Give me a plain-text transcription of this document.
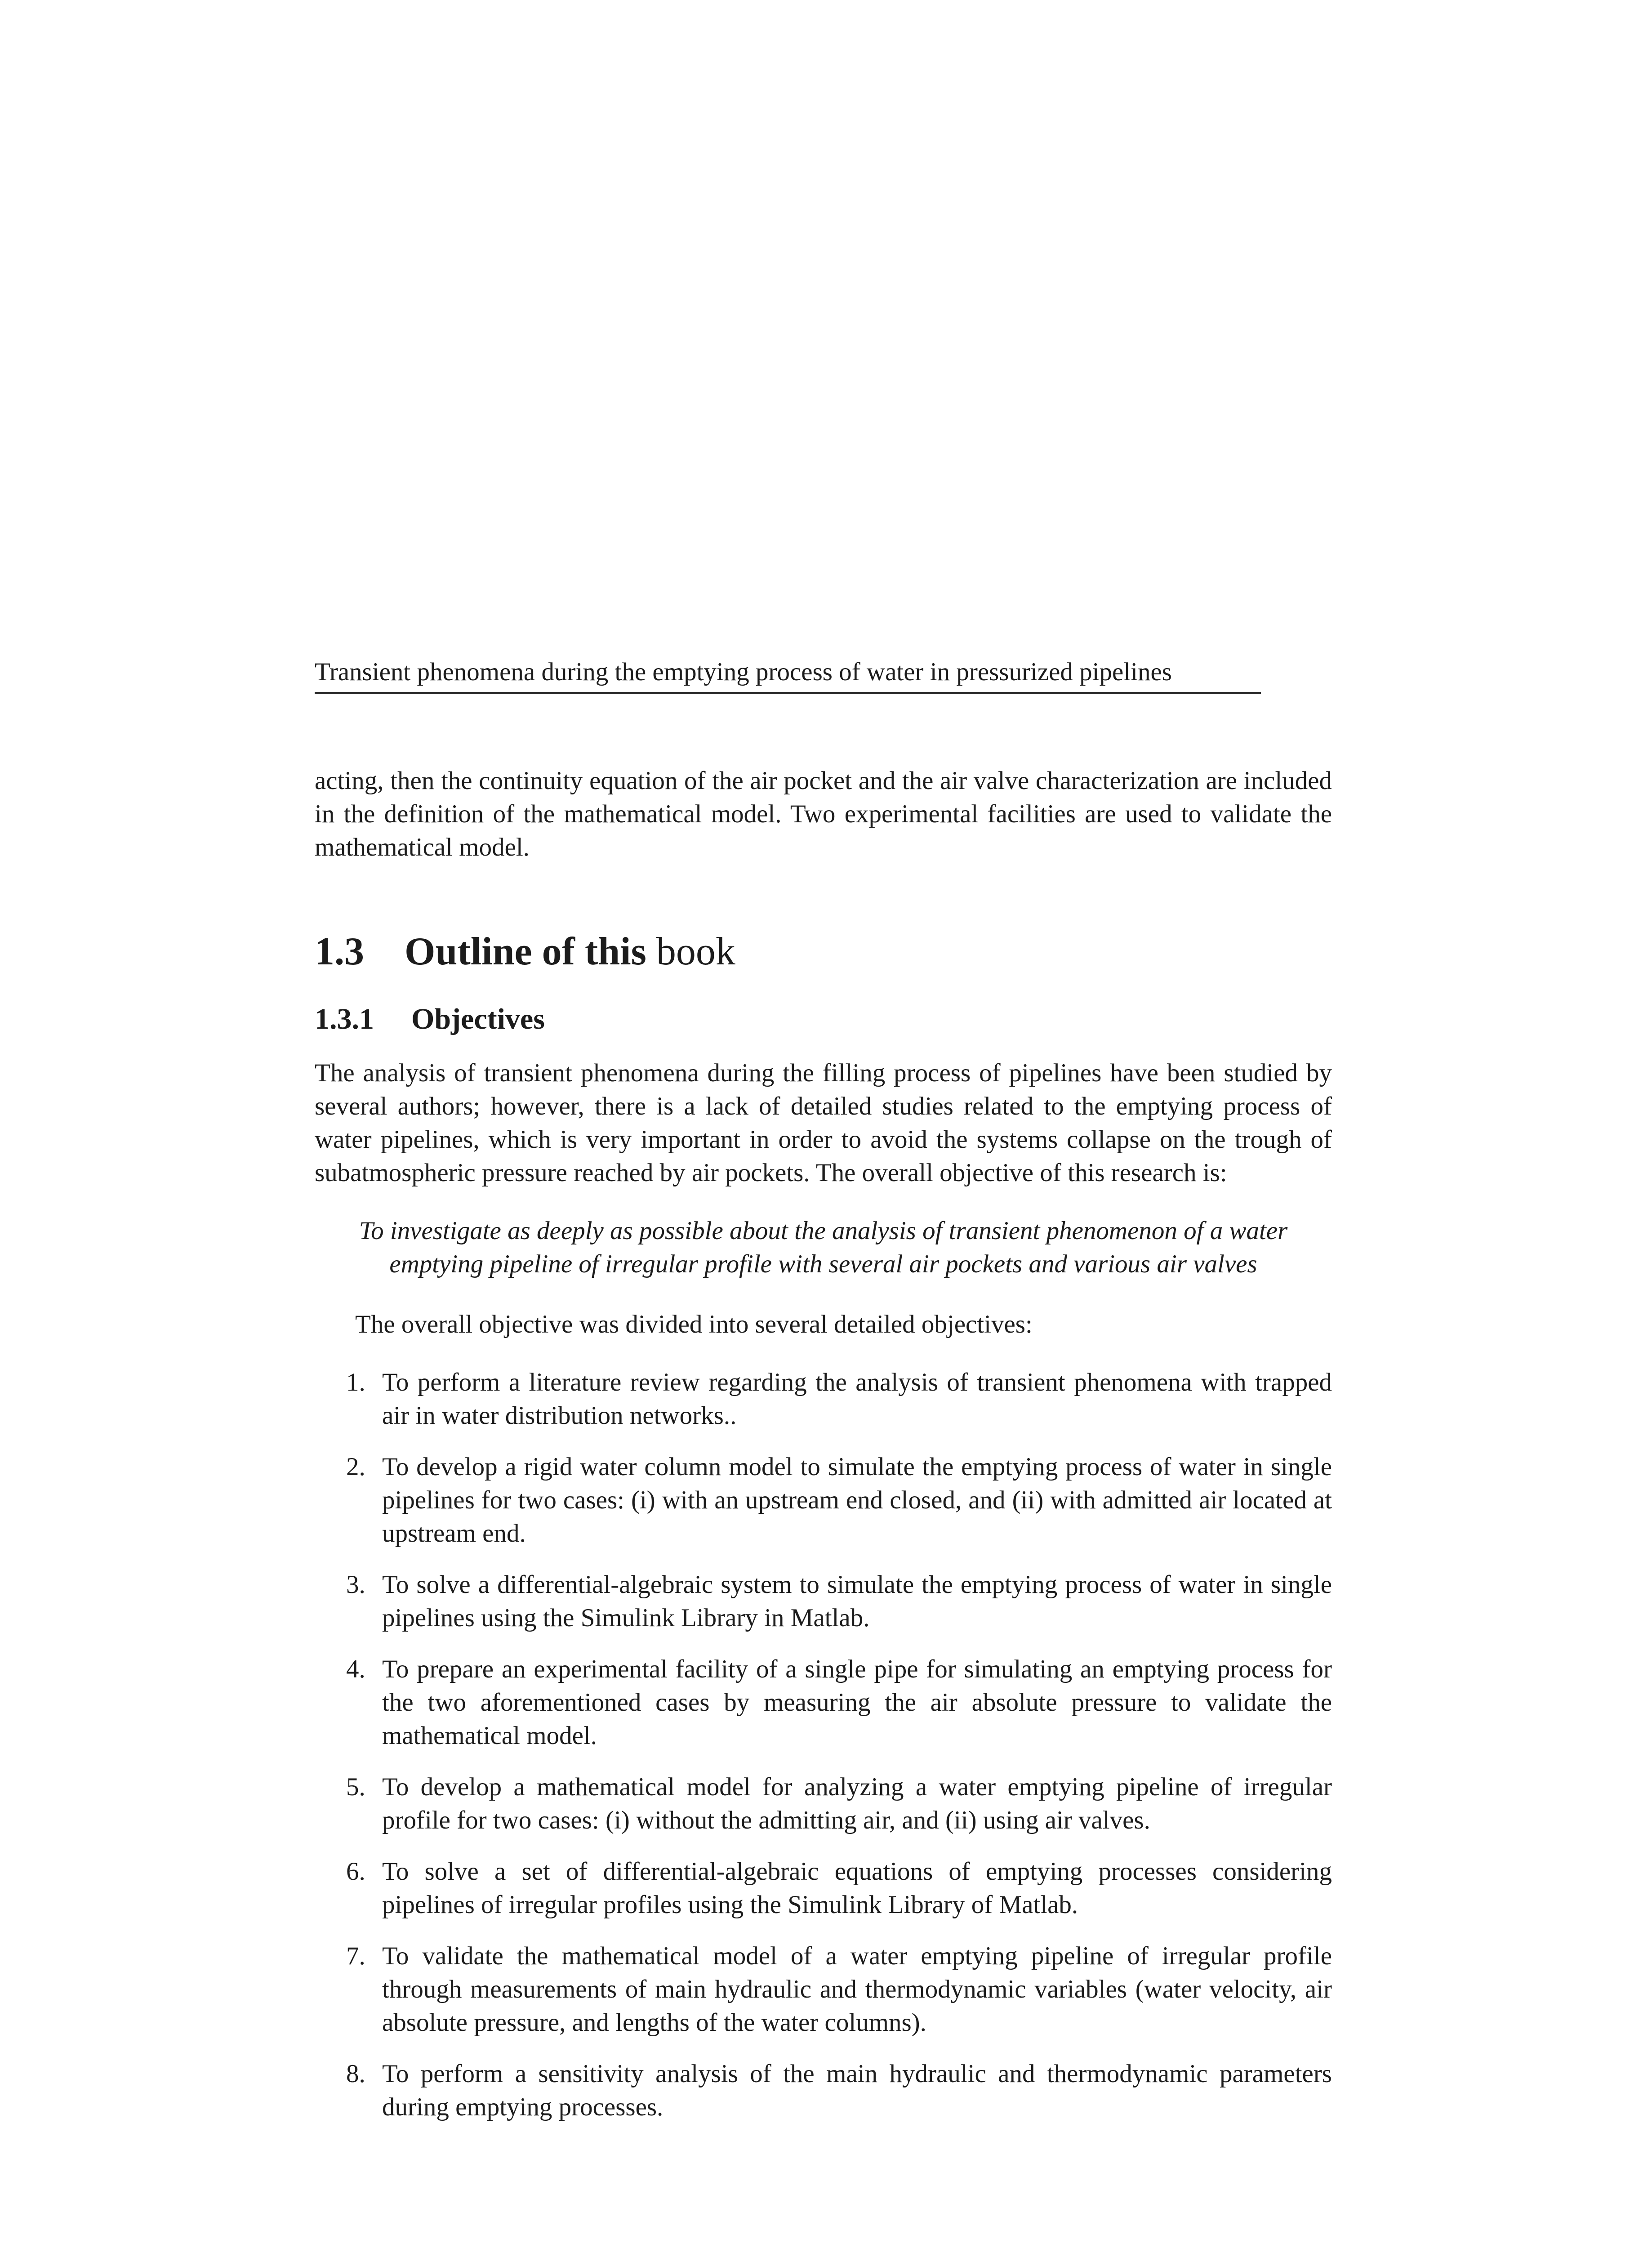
Transient phenomena during the emptying process of water in pressurized pipelines

acting, then the continuity equation of the air pocket and the air valve characterization are included in the definition of the mathematical model. Two experimental facilities are used to validate the mathematical model.

1.3 Outline of this book
1.3.1 Objectives

The analysis of transient phenomena during the filling process of pipelines have been studied by several authors; however, there is a lack of detailed studies related to the emptying process of water pipelines, which is very important in order to avoid the systems collapse on the trough of subatmospheric pressure reached by air pockets. The overall objective of this research is:

To investigate as deeply as possible about the analysis of transient phenomenon of a water emptying pipeline of irregular profile with several air pockets and various air valves

The overall objective was divided into several detailed objectives:

1. To perform a literature review regarding the analysis of transient phenomena with trapped air in water distribution networks..
2. To develop a rigid water column model to simulate the emptying process of water in single pipelines for two cases: (i) with an upstream end closed, and (ii) with admitted air located at upstream end.
3. To solve a differential-algebraic system to simulate the emptying process of water in single pipelines using the Simulink Library in Matlab.
4. To prepare an experimental facility of a single pipe for simulating an emptying process for the two aforementioned cases by measuring the air absolute pressure to validate the mathematical model.
5. To develop a mathematical model for analyzing a water emptying pipeline of irregular profile for two cases: (i) without the admitting air, and (ii) using air valves.
6. To solve a set of differential-algebraic equations of emptying processes considering pipelines of irregular profiles using the Simulink Library of Matlab.
7. To validate the mathematical model of a water emptying pipeline of irregular profile through measurements of main hydraulic and thermodynamic variables (water velocity, air absolute pressure, and lengths of the water columns).
8. To perform a sensitivity analysis of the main hydraulic and thermodynamic parameters during emptying processes.
